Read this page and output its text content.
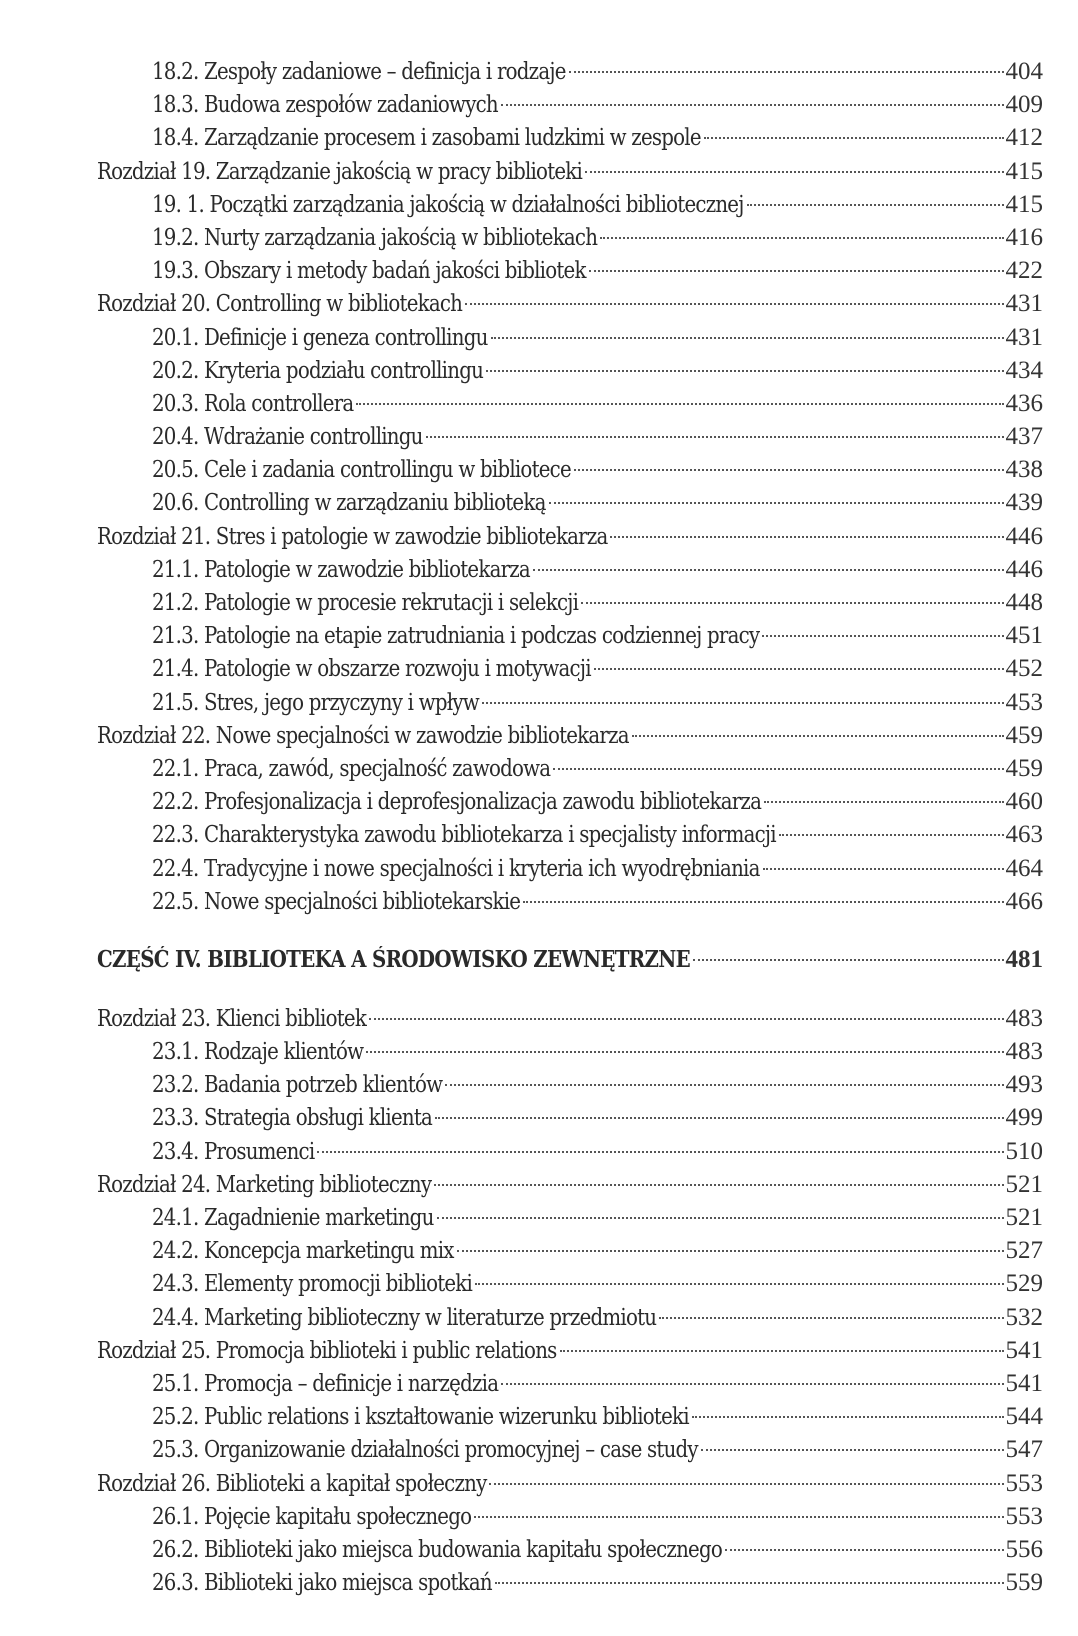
18.2. Zespoły zadaniowe – definicja i rodzaje	404
18.3. Budowa zespołów zadaniowych	409
18.4. Zarządzanie procesem i zasobami ludzkimi w zespole	412
Rozdział 19. Zarządzanie jakością w pracy biblioteki	415
19. 1. Początki zarządzania jakością w działalności bibliotecznej	415
19.2. Nurty zarządzania jakością w bibliotekach	416
19.3. Obszary i metody badań jakości bibliotek	422
Rozdział 20. Controlling w bibliotekach	431
20.1. Definicje i geneza controllingu	431
20.2. Kryteria podziału controllingu	434
20.3. Rola controllera	436
20.4. Wdrażanie controllingu	437
20.5. Cele i zadania controllingu w bibliotece	438
20.6. Controlling w zarządzaniu biblioteką	439
Rozdział 21. Stres i patologie w zawodzie bibliotekarza	446
21.1. Patologie w zawodzie bibliotekarza	446
21.2. Patologie w procesie rekrutacji i selekcji	448
21.3. Patologie na etapie zatrudniania i podczas codziennej pracy	451
21.4. Patologie w obszarze rozwoju i motywacji	452
21.5. Stres, jego przyczyny i wpływ	453
Rozdział 22. Nowe specjalności w zawodzie bibliotekarza	459
22.1. Praca, zawód, specjalność zawodowa	459
22.2. Profesjonalizacja i deprofesjonalizacja zawodu bibliotekarza	460
22.3. Charakterystyka zawodu bibliotekarza i specjalisty informacji	463
22.4. Tradycyjne i nowe specjalności i kryteria ich wyodrębniania	464
22.5. Nowe specjalności bibliotekarskie	466
CZĘŚĆ IV. BIBLIOTEKA A ŚRODOWISKO ZEWNĘTRZNE	481
Rozdział 23. Klienci bibliotek	483
23.1. Rodzaje klientów	483
23.2. Badania potrzeb klientów	493
23.3. Strategia obsługi klienta	499
23.4. Prosumenci	510
Rozdział 24. Marketing biblioteczny	521
24.1. Zagadnienie marketingu	521
24.2. Koncepcja marketingu mix	527
24.3. Elementy promocji biblioteki	529
24.4. Marketing biblioteczny w literaturze przedmiotu	532
Rozdział 25. Promocja biblioteki i public relations	541
25.1. Promocja – definicje i narzędzia	541
25.2. Public relations i kształtowanie wizerunku biblioteki	544
25.3. Organizowanie działalności promocyjnej – case study	547
Rozdział 26. Biblioteki a kapitał społeczny	553
26.1. Pojęcie kapitału społecznego	553
26.2. Biblioteki jako miejsca budowania kapitału społecznego	556
26.3. Biblioteki jako miejsca spotkań	559
